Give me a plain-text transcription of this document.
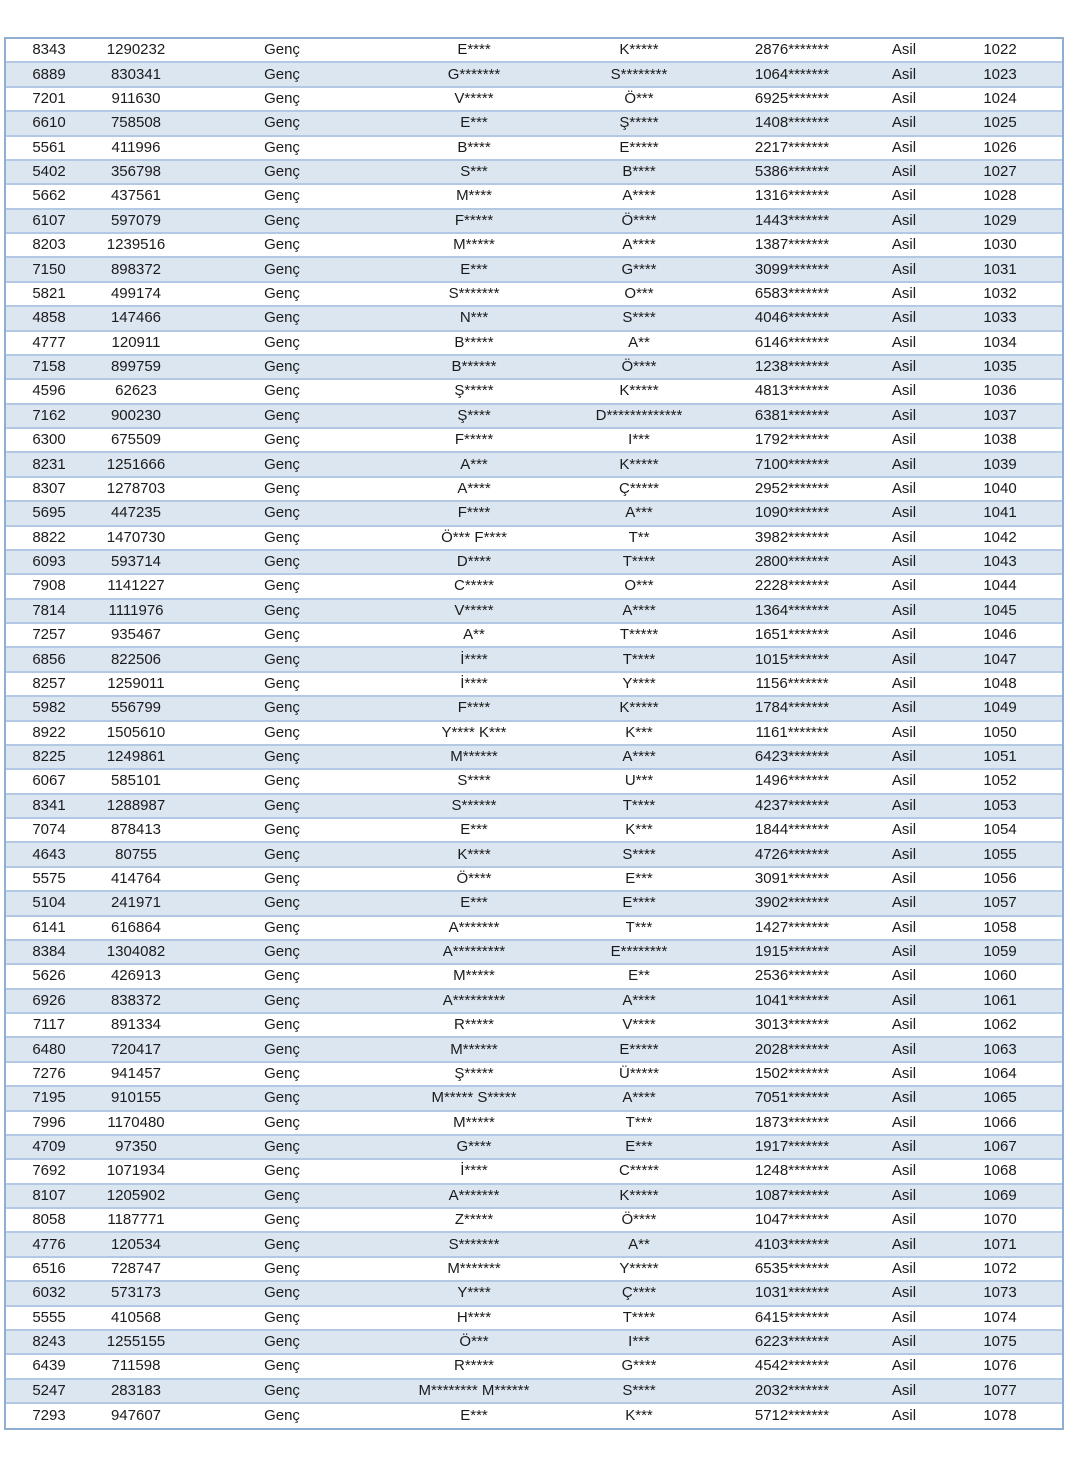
8343	1290232	Genç	E****	K*****	2876*******	Asil	1022
6889	830341	Genç	G*******	S********	1064*******	Asil	1023
7201	911630	Genç	V*****	Ö***	6925*******	Asil	1024
6610	758508	Genç	E***	Ş*****	1408*******	Asil	1025
5561	411996	Genç	B****	E*****	2217*******	Asil	1026
5402	356798	Genç	S***	B****	5386*******	Asil	1027
5662	437561	Genç	M****	A****	1316*******	Asil	1028
6107	597079	Genç	F*****	Ö****	1443*******	Asil	1029
8203	1239516	Genç	M*****	A****	1387*******	Asil	1030
7150	898372	Genç	E***	G****	3099*******	Asil	1031
5821	499174	Genç	S*******	O***	6583*******	Asil	1032
4858	147466	Genç	N***	S****	4046*******	Asil	1033
4777	120911	Genç	B*****	A**	6146*******	Asil	1034
7158	899759	Genç	B******	Ö****	1238*******	Asil	1035
4596	62623	Genç	Ş*****	K*****	4813*******	Asil	1036
7162	900230	Genç	Ş****	D*************	6381*******	Asil	1037
6300	675509	Genç	F*****	I***	1792*******	Asil	1038
8231	1251666	Genç	A***	K*****	7100*******	Asil	1039
8307	1278703	Genç	A****	Ç*****	2952*******	Asil	1040
5695	447235	Genç	F****	A***	1090*******	Asil	1041
8822	1470730	Genç	Ö*** F****	T**	3982*******	Asil	1042
6093	593714	Genç	D****	T****	2800*******	Asil	1043
7908	1141227	Genç	C*****	O***	2228*******	Asil	1044
7814	1111976	Genç	V*****	A****	1364*******	Asil	1045
7257	935467	Genç	A**	T*****	1651*******	Asil	1046
6856	822506	Genç	İ****	T****	1015*******	Asil	1047
8257	1259011	Genç	İ****	Y****	1156*******	Asil	1048
5982	556799	Genç	F****	K*****	1784*******	Asil	1049
8922	1505610	Genç	Y**** K***	K***	1161*******	Asil	1050
8225	1249861	Genç	M******	A****	6423*******	Asil	1051
6067	585101	Genç	S****	U***	1496*******	Asil	1052
8341	1288987	Genç	S******	T****	4237*******	Asil	1053
7074	878413	Genç	E***	K***	1844*******	Asil	1054
4643	80755	Genç	K****	S****	4726*******	Asil	1055
5575	414764	Genç	Ö****	E***	3091*******	Asil	1056
5104	241971	Genç	E***	E****	3902*******	Asil	1057
6141	616864	Genç	A*******	T***	1427*******	Asil	1058
8384	1304082	Genç	A*********	E********	1915*******	Asil	1059
5626	426913	Genç	M*****	E**	2536*******	Asil	1060
6926	838372	Genç	A*********	A****	1041*******	Asil	1061
7117	891334	Genç	R*****	V****	3013*******	Asil	1062
6480	720417	Genç	M******	E*****	2028*******	Asil	1063
7276	941457	Genç	Ş*****	Ü*****	1502*******	Asil	1064
7195	910155	Genç	M***** S*****	A****	7051*******	Asil	1065
7996	1170480	Genç	M*****	T***	1873*******	Asil	1066
4709	97350	Genç	G****	E***	1917*******	Asil	1067
7692	1071934	Genç	İ****	C*****	1248*******	Asil	1068
8107	1205902	Genç	A*******	K*****	1087*******	Asil	1069
8058	1187771	Genç	Z*****	Ö****	1047*******	Asil	1070
4776	120534	Genç	S*******	A**	4103*******	Asil	1071
6516	728747	Genç	M*******	Y*****	6535*******	Asil	1072
6032	573173	Genç	Y****	Ç****	1031*******	Asil	1073
5555	410568	Genç	H****	T****	6415*******	Asil	1074
8243	1255155	Genç	Ö***	I***	6223*******	Asil	1075
6439	711598	Genç	R*****	G****	4542*******	Asil	1076
5247	283183	Genç	M******** M******	S****	2032*******	Asil	1077
7293	947607	Genç	E***	K***	5712*******	Asil	1078
